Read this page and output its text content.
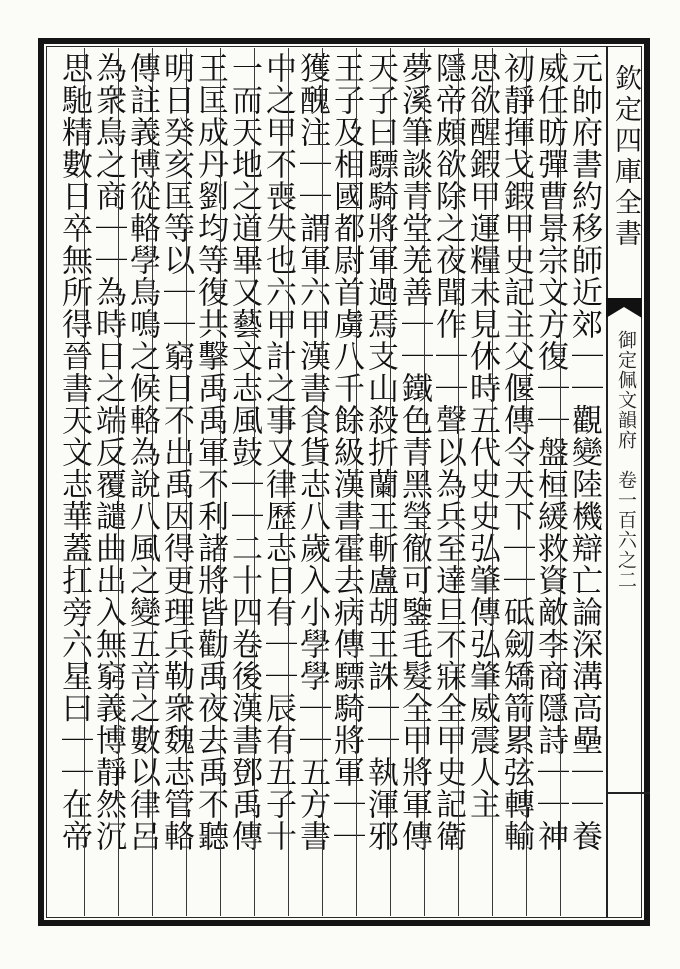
元帥府書約移師近郊｜｜觀變陸機辯亡論深溝高壘｜｜養
威任昉彈曹景宗文方復｜｜盤桓緩救資敵李商隱詩｜｜神
初靜揮戈鍜甲史記主父偃傳令天下｜｜砥劒矯箭累弦轉輸
思欲醒鍜甲運糧未見休時五代史史弘肇傳弘肇威震人主
隱帝頗欲除之夜聞作｜｜聲以為兵至達旦不寐全甲史記衛
夢溪筆談青堂羌善｜｜鐵色青黑瑩徹可鑒毛髮全甲將軍傳
天子曰驃騎將軍過焉支山殺折蘭王斬盧胡王誅｜｜執渾邪
王子及相國都尉首虜八千餘級漢書霍去病傳驃騎將軍｜｜
獲醜注｜｜謂軍六甲漢書食貨志八歲入小學學｜｜五方書
中之甲不喪失也六甲計之事又律歷志日有｜｜辰有五子十
一而天地之道畢又藝文志風鼓｜｜二十四卷後漢書鄧禹傳
王匡成丹劉均等復共擊禹禹軍不利諸將皆勸禹夜去禹不聽
明日癸亥匡等以｜｜窮日不出禹因得更理兵勒衆魏志管輅
傳註義博從輅學鳥鳴之候輅為說八風之變五音之數以律呂
為衆鳥之商｜｜為時日之端反覆譴曲出入無窮義博靜然沉
思馳精數日卒無所得晉書天文志華蓋扛旁六星曰｜｜在帝	欽定四庫全書
御定佩文韻府　卷一百六之二
